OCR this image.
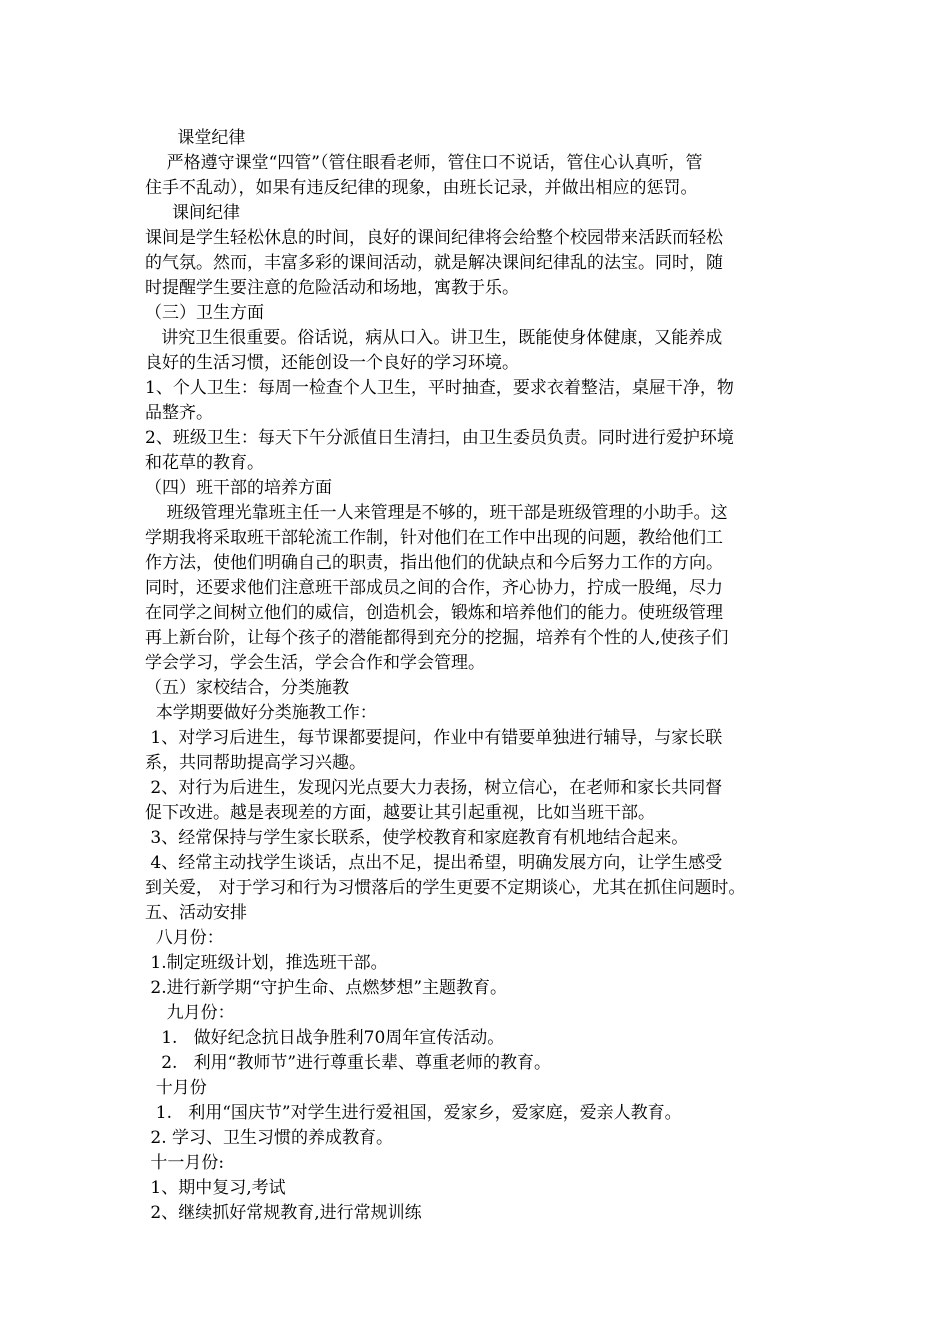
课堂纪律
严格遵守课堂“四管”（管住眼看老师，管住口不说话，管住心认真听，管
住手不乱动），如果有违反纪律的现象，由班长记录，并做出相应的惩罚。
课间纪律
课间是学生轻松休息的时间，良好的课间纪律将会给整个校园带来活跃而轻松
的气氛。然而，丰富多彩的课间活动，就是解决课间纪律乱的法宝。同时，随
时提醒学生要注意的危险活动和场地，寓教于乐。
（三）卫生方面
讲究卫生很重要。俗话说，病从口入。讲卫生，既能使身体健康，又能养成
良好的生活习惯，还能创设一个良好的学习环境。
1、个人卫生：每周一检查个人卫生，平时抽查，要求衣着整洁，桌屉干净，物
品整齐。
2、班级卫生：每天下午分派值日生清扫，由卫生委员负责。同时进行爱护环境
和花草的教育。
（四）班干部的培养方面
班级管理光靠班主任一人来管理是不够的，班干部是班级管理的小助手。这
学期我将采取班干部轮流工作制，针对他们在工作中出现的问题，教给他们工
作方法，使他们明确自己的职责，指出他们的优缺点和今后努力工作的方向。
同时，还要求他们注意班干部成员之间的合作，齐心协力，拧成一股绳，尽力
在同学之间树立他们的威信，创造机会，锻炼和培养他们的能力。使班级管理
再上新台阶，让每个孩子的潜能都得到充分的挖掘，培养有个性的人,使孩子们
学会学习，学会生活，学会合作和学会管理。
（五）家校结合，分类施教
本学期要做好分类施教工作：
1、对学习后进生，每节课都要提问，作业中有错要单独进行辅导，与家长联
系，共同帮助提高学习兴趣。
2、对行为后进生，发现闪光点要大力表扬，树立信心，在老师和家长共同督
促下改进。越是表现差的方面，越要让其引起重视，比如当班干部。
3、经常保持与学生家长联系，使学校教育和家庭教育有机地结合起来。
4、经常主动找学生谈话，点出不足，提出希望，明确发展方向，让学生感受
到关爱， 对于学习和行为习惯落后的学生更要不定期谈心，尤其在抓住问题时。
五、活动安排
八月份：
1.制定班级计划，推选班干部。
2.进行新学期“守护生命、点燃梦想”主题教育。
九月份：
1.   做好纪念抗日战争胜利70周年宣传活动。
2.   利用“教师节”进行尊重长辈、尊重老师的教育。
十月份
1.   利用“国庆节”对学生进行爱祖国，爱家乡，爱家庭，爱亲人教育。
2. 学习、卫生习惯的养成教育。
十一月份:
1、期中复习,考试
2、继续抓好常规教育,进行常规训练
